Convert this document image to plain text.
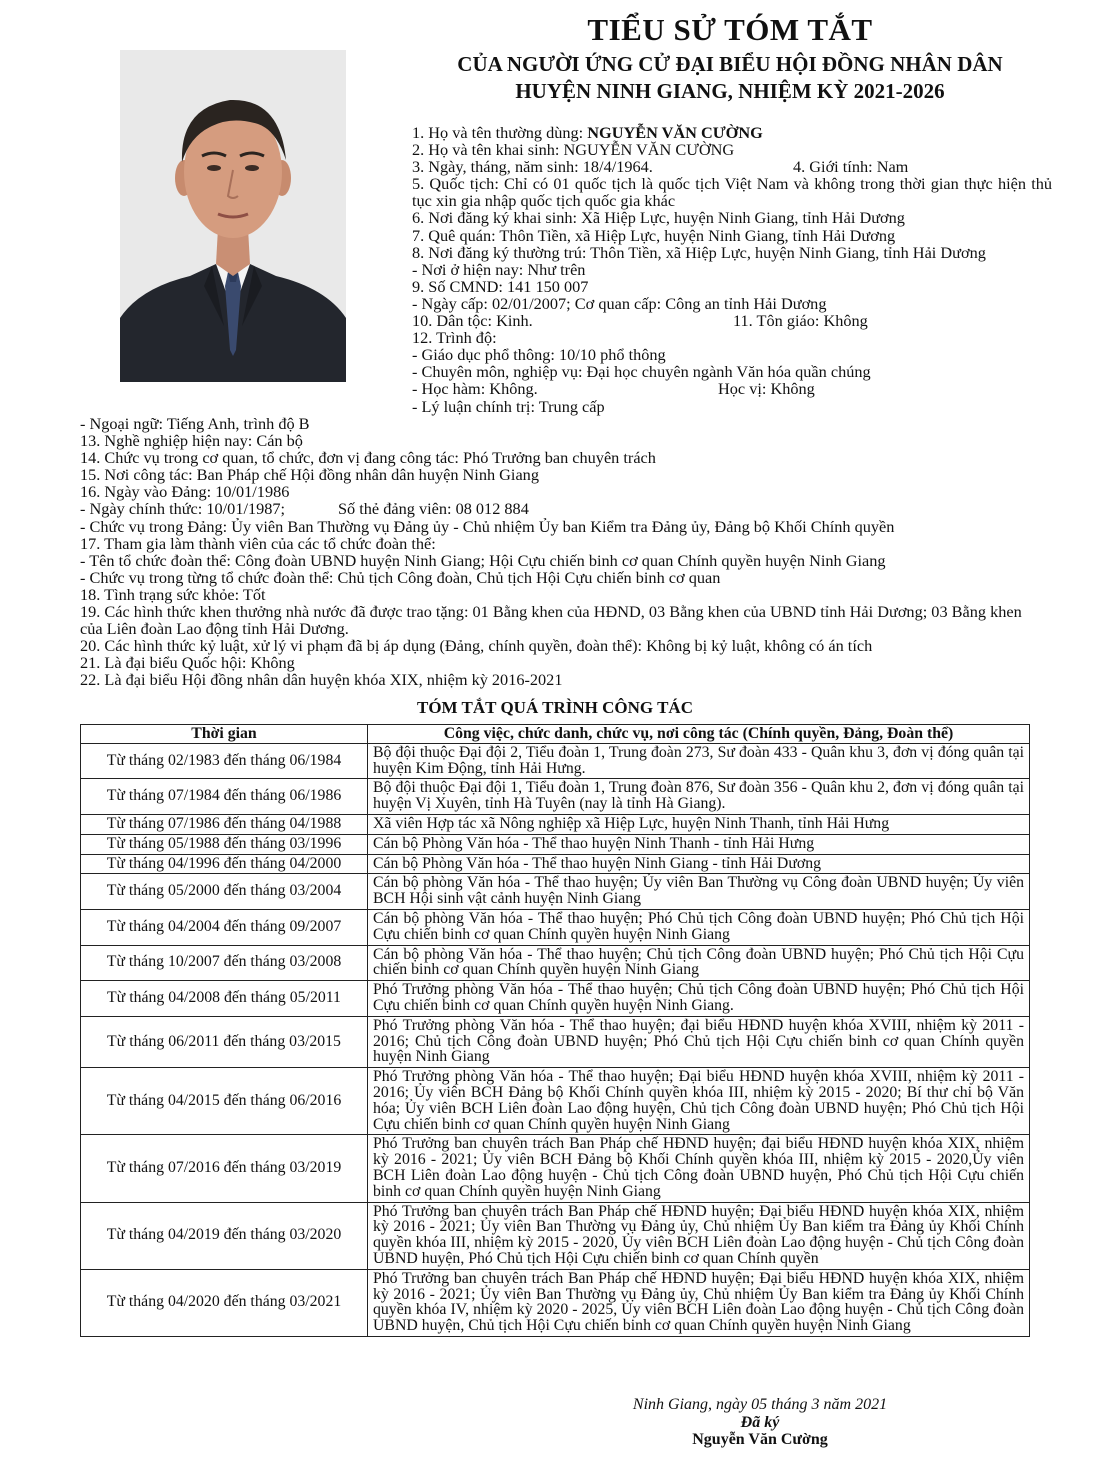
TIỂU SỬ TÓM TẮT
CỦA NGƯỜI ỨNG CỬ ĐẠI BIỂU HỘI ĐỒNG NHÂN DÂN
HUYỆN NINH GIANG, NHIỆM KỲ 2021-2026
1. Họ và tên thường dùng: NGUYỄN VĂN CƯỜNG
2. Họ và tên khai sinh: NGUYỄN VĂN CƯỜNG
3. Ngày, tháng, năm sinh: 18/4/1964.	4. Giới tính: Nam
5. Quốc tịch: Chỉ có 01 quốc tịch là quốc tịch Việt Nam và không trong thời gian thực hiện thủ tục xin gia nhập quốc tịch quốc gia khác
6. Nơi đăng ký khai sinh: Xã Hiệp Lực, huyện Ninh Giang, tỉnh Hải Dương
7. Quê quán: Thôn Tiền, xã Hiệp Lực, huyện Ninh Giang, tỉnh Hải Dương
8. Nơi đăng ký thường trú: Thôn Tiền, xã Hiệp Lực, huyện Ninh Giang, tỉnh Hải Dương
- Nơi ở hiện nay: Như trên
9. Số CMND: 141 150 007
- Ngày cấp: 02/01/2007; Cơ quan cấp: Công an tỉnh Hải Dương
10. Dân tộc: Kinh.	11. Tôn giáo: Không
12. Trình độ:
- Giáo dục phổ thông: 10/10 phổ thông
- Chuyên môn, nghiệp vụ: Đại học chuyên ngành Văn hóa quần chúng
- Học hàm: Không.	Học vị: Không
- Lý luận chính trị: Trung cấp
- Ngoại ngữ: Tiếng Anh, trình độ B
13. Nghề nghiệp hiện nay: Cán bộ
14. Chức vụ trong cơ quan, tổ chức, đơn vị đang công tác: Phó Trưởng ban chuyên trách
15. Nơi công tác: Ban Pháp chế Hội đồng nhân dân huyện Ninh Giang
16. Ngày vào Đảng: 10/01/1986
- Ngày chính thức: 10/01/1987;	Số thẻ đảng viên: 08 012 884
- Chức vụ trong Đảng: Ủy viên Ban Thường vụ Đảng ủy - Chủ nhiệm Ủy ban Kiểm tra Đảng ủy, Đảng bộ Khối Chính quyền
17. Tham gia làm thành viên của các tổ chức đoàn thể:
- Tên tổ chức đoàn thể: Công đoàn UBND huyện Ninh Giang; Hội Cựu chiến binh cơ quan Chính quyền huyện Ninh Giang
- Chức vụ trong từng tổ chức đoàn thể: Chủ tịch Công đoàn, Chủ tịch Hội Cựu chiến binh cơ quan
18. Tình trạng sức khỏe: Tốt
19. Các hình thức khen thưởng nhà nước đã được trao tặng: 01 Bằng khen của HĐND, 03 Bằng khen của UBND tỉnh Hải Dương; 03 Bằng khen của Liên đoàn Lao động tỉnh Hải Dương.
20. Các hình thức kỷ luật, xử lý vi phạm đã bị áp dụng (Đảng, chính quyền, đoàn thể): Không bị kỷ luật, không có án tích
21. Là đại biểu Quốc hội: Không
22. Là đại biểu Hội đồng nhân dân huyện khóa XIX, nhiệm kỳ 2016-2021
TÓM TẮT QUÁ TRÌNH CÔNG TÁC
Thời gian	Công việc, chức danh, chức vụ, nơi công tác (Chính quyền, Đảng, Đoàn thể)
Từ tháng 02/1983 đến tháng 06/1984	Bộ đội thuộc Đại đội 2, Tiểu đoàn 1, Trung đoàn 273, Sư đoàn 433 - Quân khu 3, đơn vị đóng quân tại huyện Kim Động, tỉnh Hải Hưng.
Từ tháng 07/1984 đến tháng 06/1986	Bộ đội thuộc Đại đội 1, Tiểu đoàn 1, Trung đoàn 876, Sư đoàn 356 - Quân khu 2, đơn vị đóng quân tại huyện Vị Xuyên, tỉnh Hà Tuyên (nay là tỉnh Hà Giang).
Từ tháng 07/1986 đến tháng 04/1988	Xã viên Hợp tác xã Nông nghiệp xã Hiệp Lực, huyện Ninh Thanh, tỉnh Hải Hưng
Từ tháng 05/1988 đến tháng 03/1996	Cán bộ Phòng Văn hóa - Thể thao huyện Ninh Thanh - tỉnh Hải Hưng
Từ tháng 04/1996 đến tháng 04/2000	Cán bộ Phòng Văn hóa - Thể thao huyện Ninh Giang - tỉnh Hải Dương
Từ tháng 05/2000 đến tháng 03/2004	Cán bộ phòng Văn hóa - Thể thao huyện; Ủy viên Ban Thường vụ Công đoàn UBND huyện; Ủy viên BCH Hội sinh vật cảnh huyện Ninh Giang
Từ tháng 04/2004 đến tháng 09/2007	Cán bộ phòng Văn hóa - Thể thao huyện; Phó Chủ tịch Công đoàn UBND huyện; Phó Chủ tịch Hội Cựu chiến binh cơ quan Chính quyền huyện Ninh Giang
Từ tháng 10/2007 đến tháng 03/2008	Cán bộ phòng Văn hóa - Thể thao huyện; Chủ tịch Công đoàn UBND huyện; Phó Chủ tịch Hội Cựu chiến binh cơ quan Chính quyền huyện Ninh Giang
Từ tháng 04/2008 đến tháng 05/2011	Phó Trưởng phòng Văn hóa - Thể thao huyện; Chủ tịch Công đoàn UBND huyện; Phó Chủ tịch Hội Cựu chiến binh cơ quan Chính quyền huyện Ninh Giang.
Từ tháng 06/2011 đến tháng 03/2015	Phó Trưởng phòng Văn hóa - Thể thao huyện; đại biểu HĐND huyện khóa XVIII, nhiệm kỳ 2011 - 2016; Chủ tịch Công đoàn UBND huyện; Phó Chủ tịch Hội Cựu chiến binh cơ quan Chính quyền huyện Ninh Giang
Từ tháng 04/2015 đến tháng 06/2016	Phó Trưởng phòng Văn hóa - Thể thao huyện; Đại biểu HĐND huyện khóa XVIII, nhiệm kỳ 2011 - 2016; Ủy viên BCH Đảng bộ Khối Chính quyền khóa III, nhiệm kỳ 2015 - 2020; Bí thư chi bộ Văn hóa; Ủy viên BCH Liên đoàn Lao động huyện, Chủ tịch Công đoàn UBND huyện; Phó Chủ tịch Hội Cựu chiến binh cơ quan Chính quyền huyện Ninh Giang
Từ tháng 07/2016 đến tháng 03/2019	Phó Trưởng ban chuyên trách Ban Pháp chế HĐND huyện; đại biểu HĐND huyện khóa XIX, nhiệm kỳ 2016 - 2021; Ủy viên BCH Đảng bộ Khối Chính quyền khóa III, nhiệm kỳ 2015 - 2020,Ủy viên BCH Liên đoàn Lao động huyện - Chủ tịch Công đoàn UBND huyện, Phó Chủ tịch Hội Cựu chiến binh cơ quan Chính quyền huyện Ninh Giang
Từ tháng 04/2019 đến tháng 03/2020	Phó Trưởng ban chuyên trách Ban Pháp chế HĐND huyện; Đại biểu HĐND huyện khóa XIX, nhiệm kỳ 2016 - 2021; Ủy viên Ban Thường vụ Đảng ủy, Chủ nhiệm Ủy Ban kiểm tra Đảng ủy Khối Chính quyền khóa III, nhiệm kỳ 2015 - 2020, Ủy viên BCH Liên đoàn Lao động huyện - Chủ tịch Công đoàn UBND huyện, Phó Chủ tịch Hội Cựu chiến binh cơ quan Chính quyền
Từ tháng 04/2020 đến tháng 03/2021	Phó Trưởng ban chuyên trách Ban Pháp chế HĐND huyện; Đại biểu HĐND huyện khóa XIX, nhiệm kỳ 2016 - 2021; Ủy viên Ban Thường vụ Đảng ủy, Chủ nhiệm Ủy Ban kiểm tra Đảng ủy Khối Chính quyền khóa IV, nhiệm kỳ 2020 - 2025, Ủy viên BCH Liên đoàn Lao động huyện - Chủ tịch Công đoàn UBND huyện, Chủ tịch Hội Cựu chiến binh cơ quan Chính quyền huyện Ninh Giang
Ninh Giang, ngày 05 tháng 3 năm 2021
Đã ký
Nguyễn Văn Cường
